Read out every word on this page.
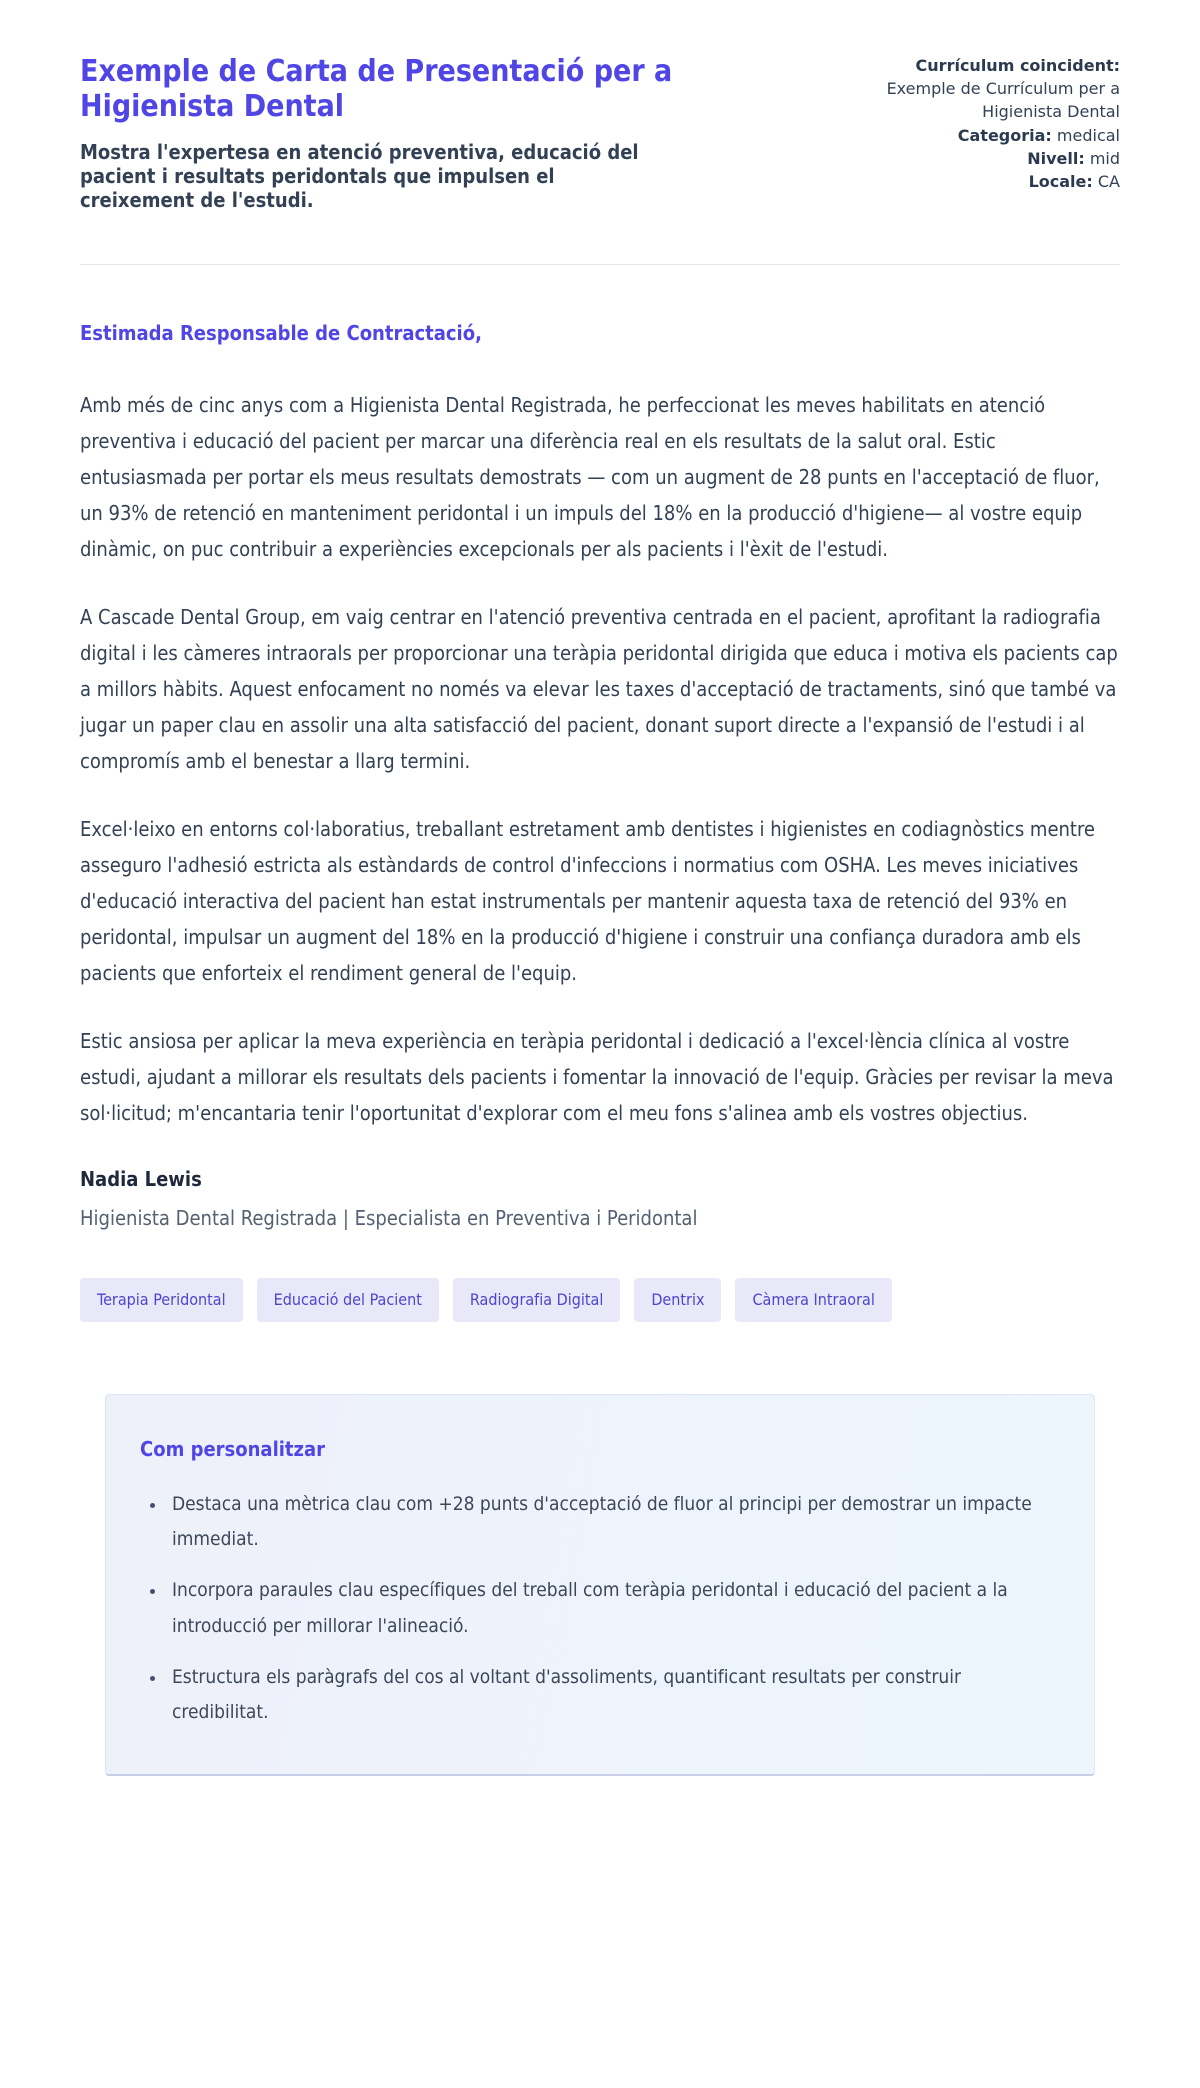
Exemple de Carta de Presentació per a Higienista Dental
Mostra l'expertesa en atenció preventiva, educació del pacient i resultats peridontals que impulsen el creixement de l'estudi.
Currículum coincident:
Exemple de Currículum per a Higienista Dental
Categoria: medical
Nivell: mid
Locale: CA
Estimada Responsable de Contractació,

Amb més de cinc anys com a Higienista Dental Registrada, he perfeccionat les meves habilitats en atenció preventiva i educació del pacient per marcar una diferència real en els resultats de la salut oral. Estic entusiasmada per portar els meus resultats demostrats — com un augment de 28 punts en l'acceptació de fluor, un 93% de retenció en manteniment peridontal i un impuls del 18% en la producció d'higiene— al vostre equip dinàmic, on puc contribuir a experiències excepcionals per als pacients i l'èxit de l'estudi.

A Cascade Dental Group, em vaig centrar en l'atenció preventiva centrada en el pacient, aprofitant la radiografia digital i les càmeres intraorals per proporcionar una teràpia peridontal dirigida que educa i motiva els pacients cap a millors hàbits. Aquest enfocament no només va elevar les taxes d'acceptació de tractaments, sinó que també va jugar un paper clau en assolir una alta satisfacció del pacient, donant suport directe a l'expansió de l'estudi i al compromís amb el benestar a llarg termini.

Excel·leixo en entorns col·laboratius, treballant estretament amb dentistes i higienistes en codiagnòstics mentre asseguro l'adhesió estricta als estàndards de control d'infeccions i normatius com OSHA. Les meves iniciatives d'educació interactiva del pacient han estat instrumentals per mantenir aquesta taxa de retenció del 93% en peridontal, impulsar un augment del 18% en la producció d'higiene i construir una confiança duradora amb els pacients que enforteix el rendiment general de l'equip.

Estic ansiosa per aplicar la meva experiència en teràpia peridontal i dedicació a l'excel·lència clínica al vostre estudi, ajudant a millorar els resultats dels pacients i fomentar la innovació de l'equip. Gràcies per revisar la meva sol·licitud; m'encantaria tenir l'oportunitat d'explorar com el meu fons s'alinea amb els vostres objectius.

Nadia Lewis
Higienista Dental Registrada | Especialista en Preventiva i Peridontal
Terapia Peridontal	Educació del Pacient	Radiografia Digital	Dentrix	Càmera Intraoral
Com personalitzar
• Destaca una mètrica clau com +28 punts d'acceptació de fluor al principi per demostrar un impacte immediat.
• Incorpora paraules clau específiques del treball com teràpia peridontal i educació del pacient a la introducció per millorar l'alineació.
• Estructura els paràgrafs del cos al voltant d'assoliments, quantificant resultats per construir credibilitat.
